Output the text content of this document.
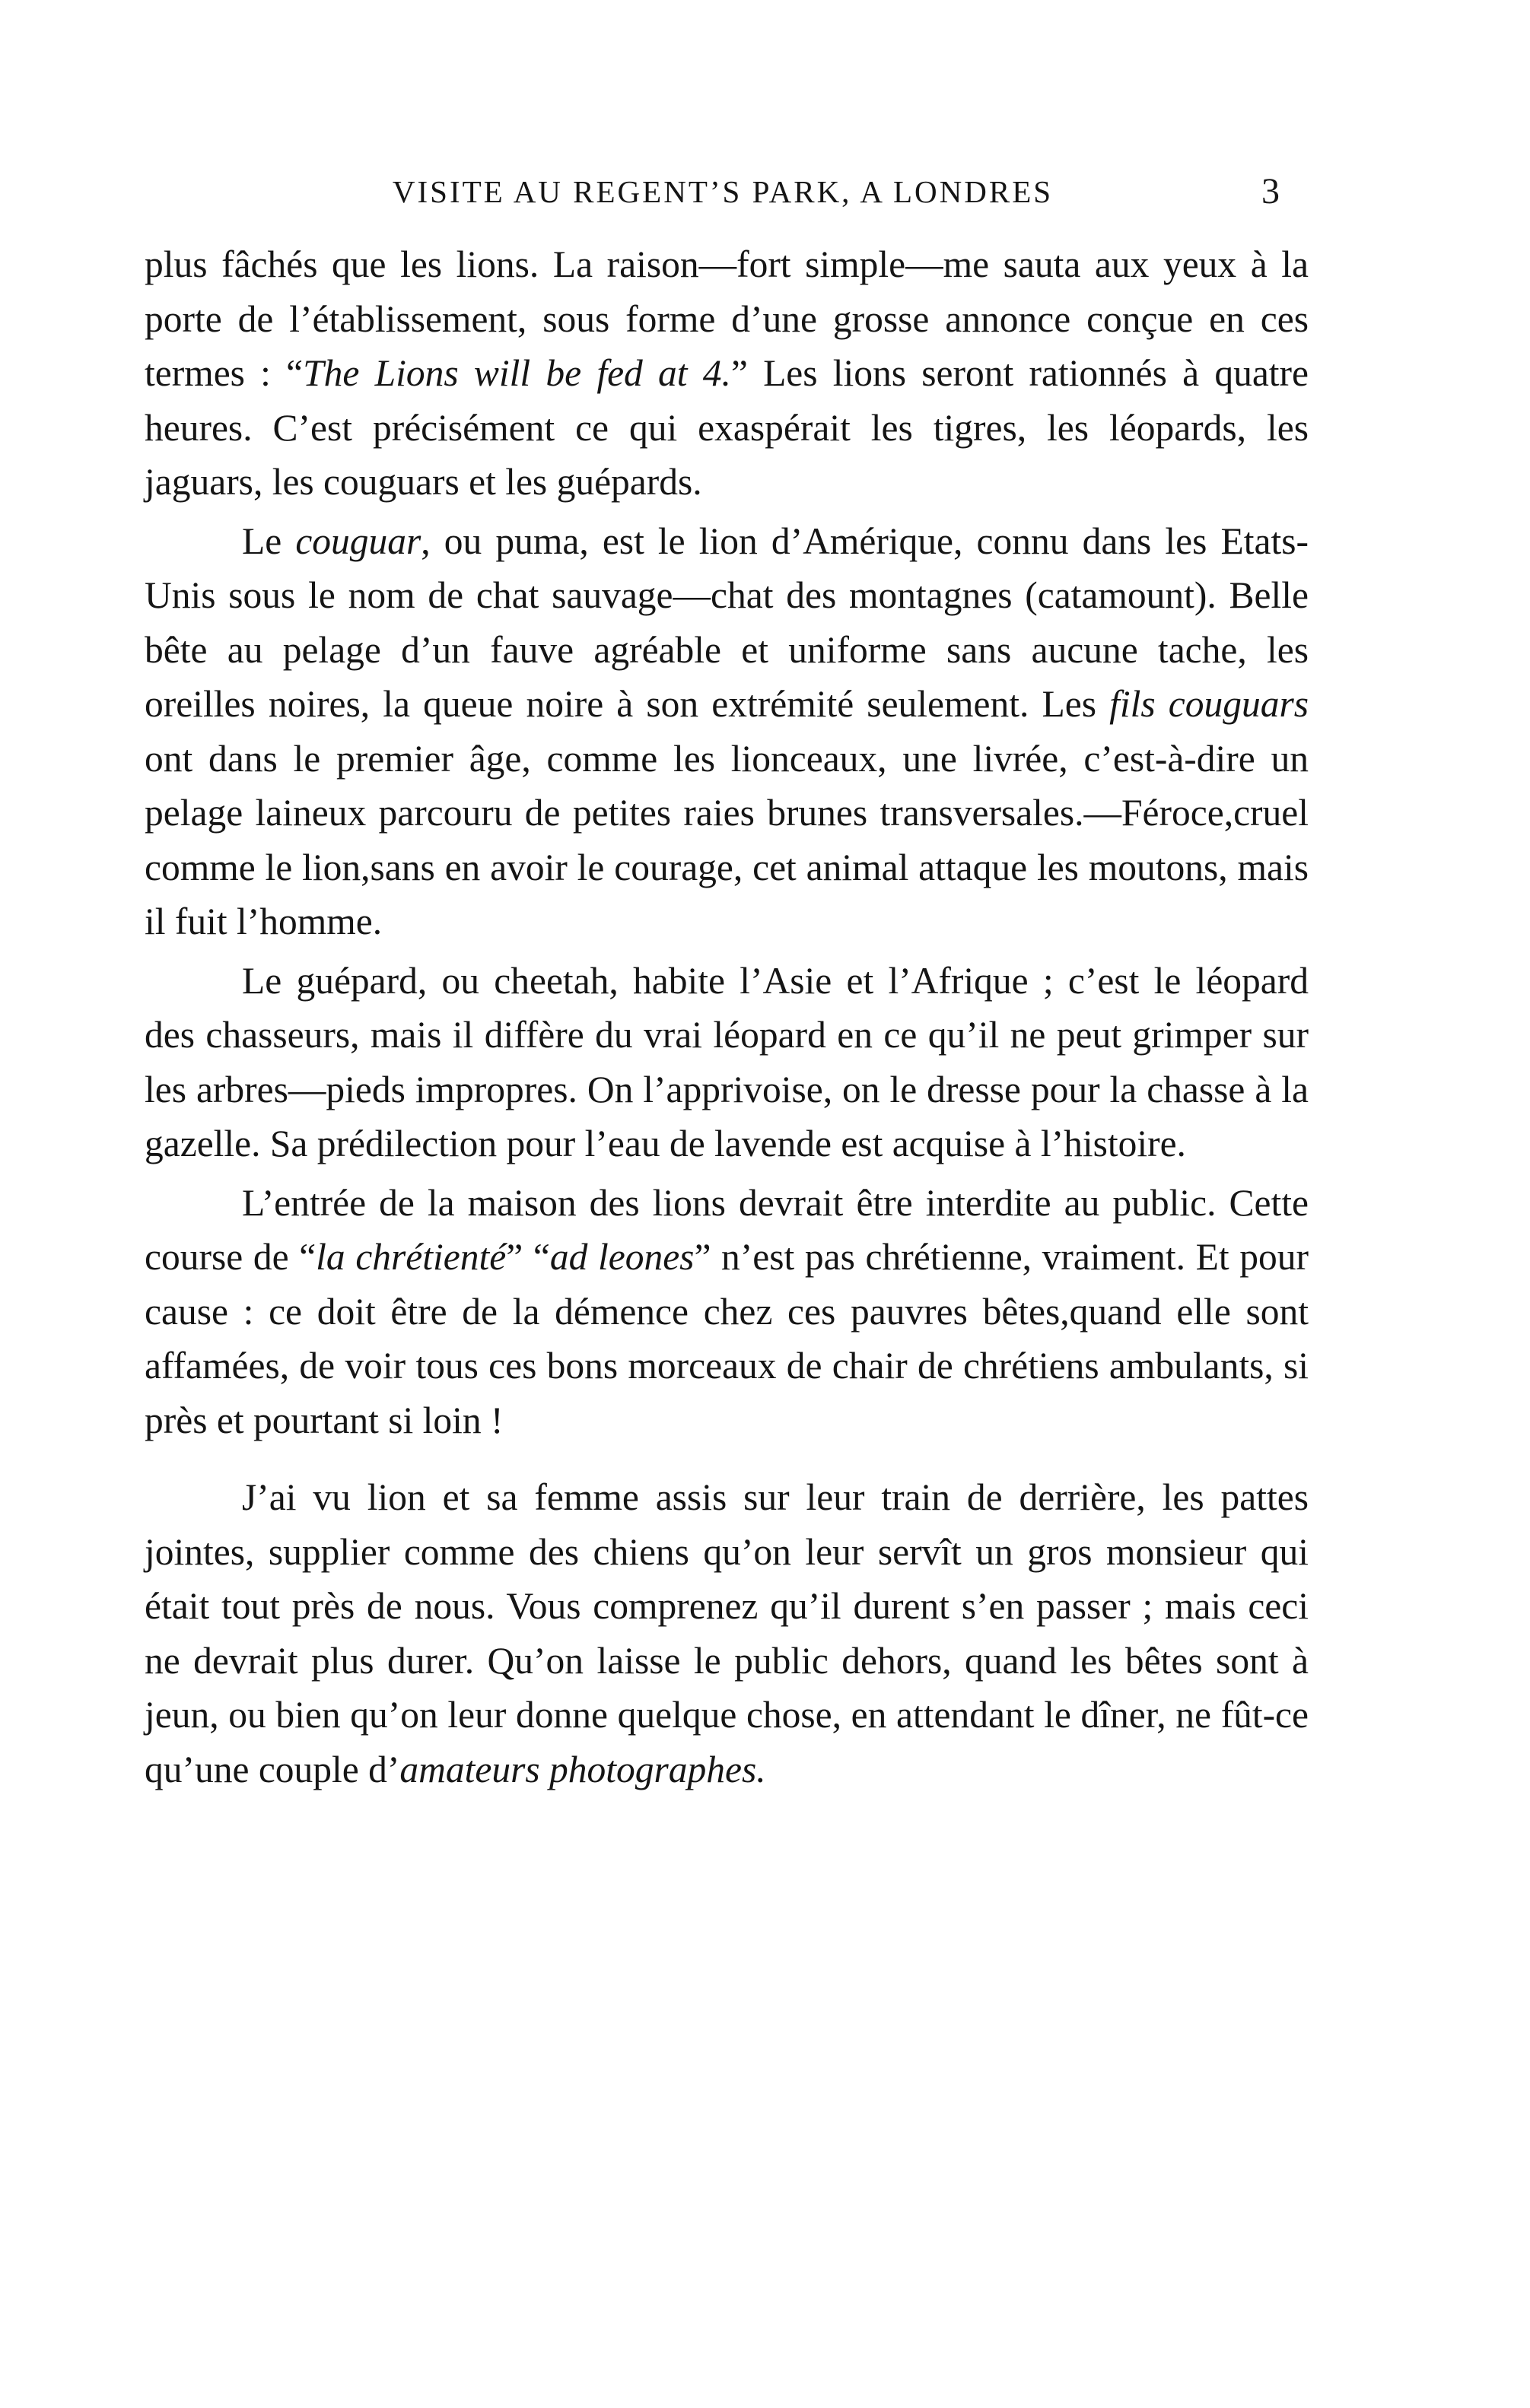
VISITE AU REGENT’S PARK, A LONDRES	3

plus fâchés que les lions. La raison—fort simple—me sauta aux yeux à la porte de l’établissement, sous forme d’une grosse annonce conçue en ces termes : “The Lions will be fed at 4.” Les lions seront rationnés à quatre heures. C’est précisément ce qui exaspérait les tigres, les léopards, les jaguars, les couguars et les guépards.

Le couguar, ou puma, est le lion d’Amérique, connu dans les Etats-Unis sous le nom de chat sauvage—chat des montagnes (catamount). Belle bête au pelage d’un fauve agréable et uniforme sans aucune tache, les oreilles noires, la queue noire à son extrémité seulement. Les fils couguars ont dans le premier âge, comme les lionceaux, une livrée, c’est-à-dire un pelage laineux parcouru de petites raies brunes transversales.—Féroce,cruel comme le lion,sans en avoir le courage, cet animal attaque les moutons, mais il fuit l’homme.

Le guépard, ou cheetah, habite l’Asie et l’Afrique ; c’est le léopard des chasseurs, mais il diffère du vrai léopard en ce qu’il ne peut grimper sur les arbres—pieds impropres. On l’apprivoise, on le dresse pour la chasse à la gazelle. Sa prédilection pour l’eau de lavende est acquise à l’histoire.

L’entrée de la maison des lions devrait être interdite au public. Cette course de “la chrétienté” “ad leones” n’est pas chrétienne, vraiment. Et pour cause : ce doit être de la démence chez ces pauvres bêtes,quand elle sont affamées, de voir tous ces bons morceaux de chair de chrétiens ambulants, si près et pourtant si loin !

J’ai vu lion et sa femme assis sur leur train de derrière, les pattes jointes, supplier comme des chiens qu’on leur servît un gros monsieur qui était tout près de nous. Vous comprenez qu’il durent s’en passer ; mais ceci ne devrait plus durer. Qu’on laisse le public dehors, quand les bêtes sont à jeun, ou bien qu’on leur donne quelque chose, en attendant le dîner, ne fût-ce qu’une couple d’amateurs photographes.
